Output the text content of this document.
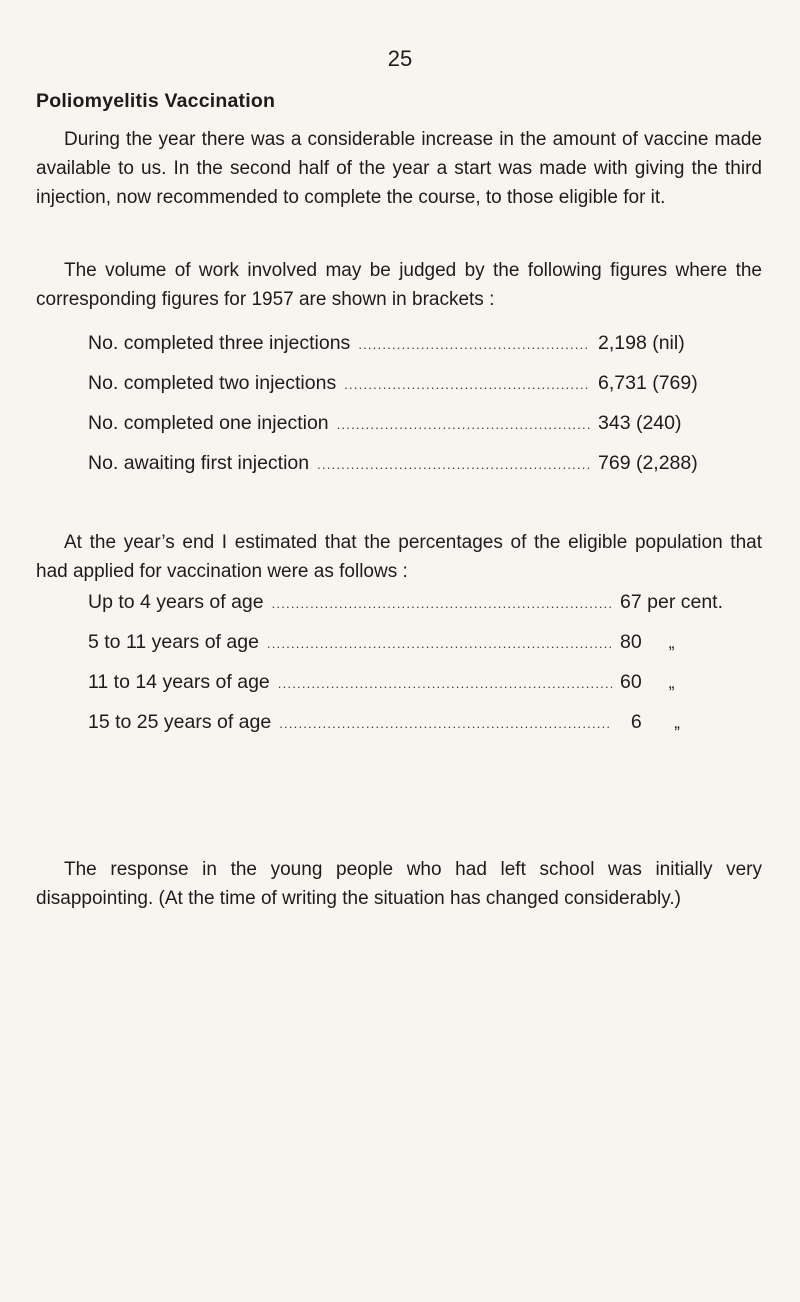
25
Poliomyelitis Vaccination

During the year there was a considerable increase in the amount of vaccine made available to us. In the second half of the year a start was made with giving the third injection, now recommended to complete the course, to those eligible for it.

The volume of work involved may be judged by the following figures where the corresponding figures for 1957 are shown in brackets :

No. completed three injections .....	2,198 (nil)
No. completed two injections .....	6,731 (769)
No. completed one injection .....	343 (240)
No. awaiting first injection .....	769 (2,288)

At the year’s end I estimated that the percentages of the eligible population that had applied for vaccination were as follows :

Up to 4 years of age .....	67 per cent.
5 to 11 years of age .....	80 „
11 to 14 years of age .....	60 „
15 to 25 years of age .....	6 „

The response in the young people who had left school was initially very disappointing. (At the time of writing the situation has changed considerably.)
